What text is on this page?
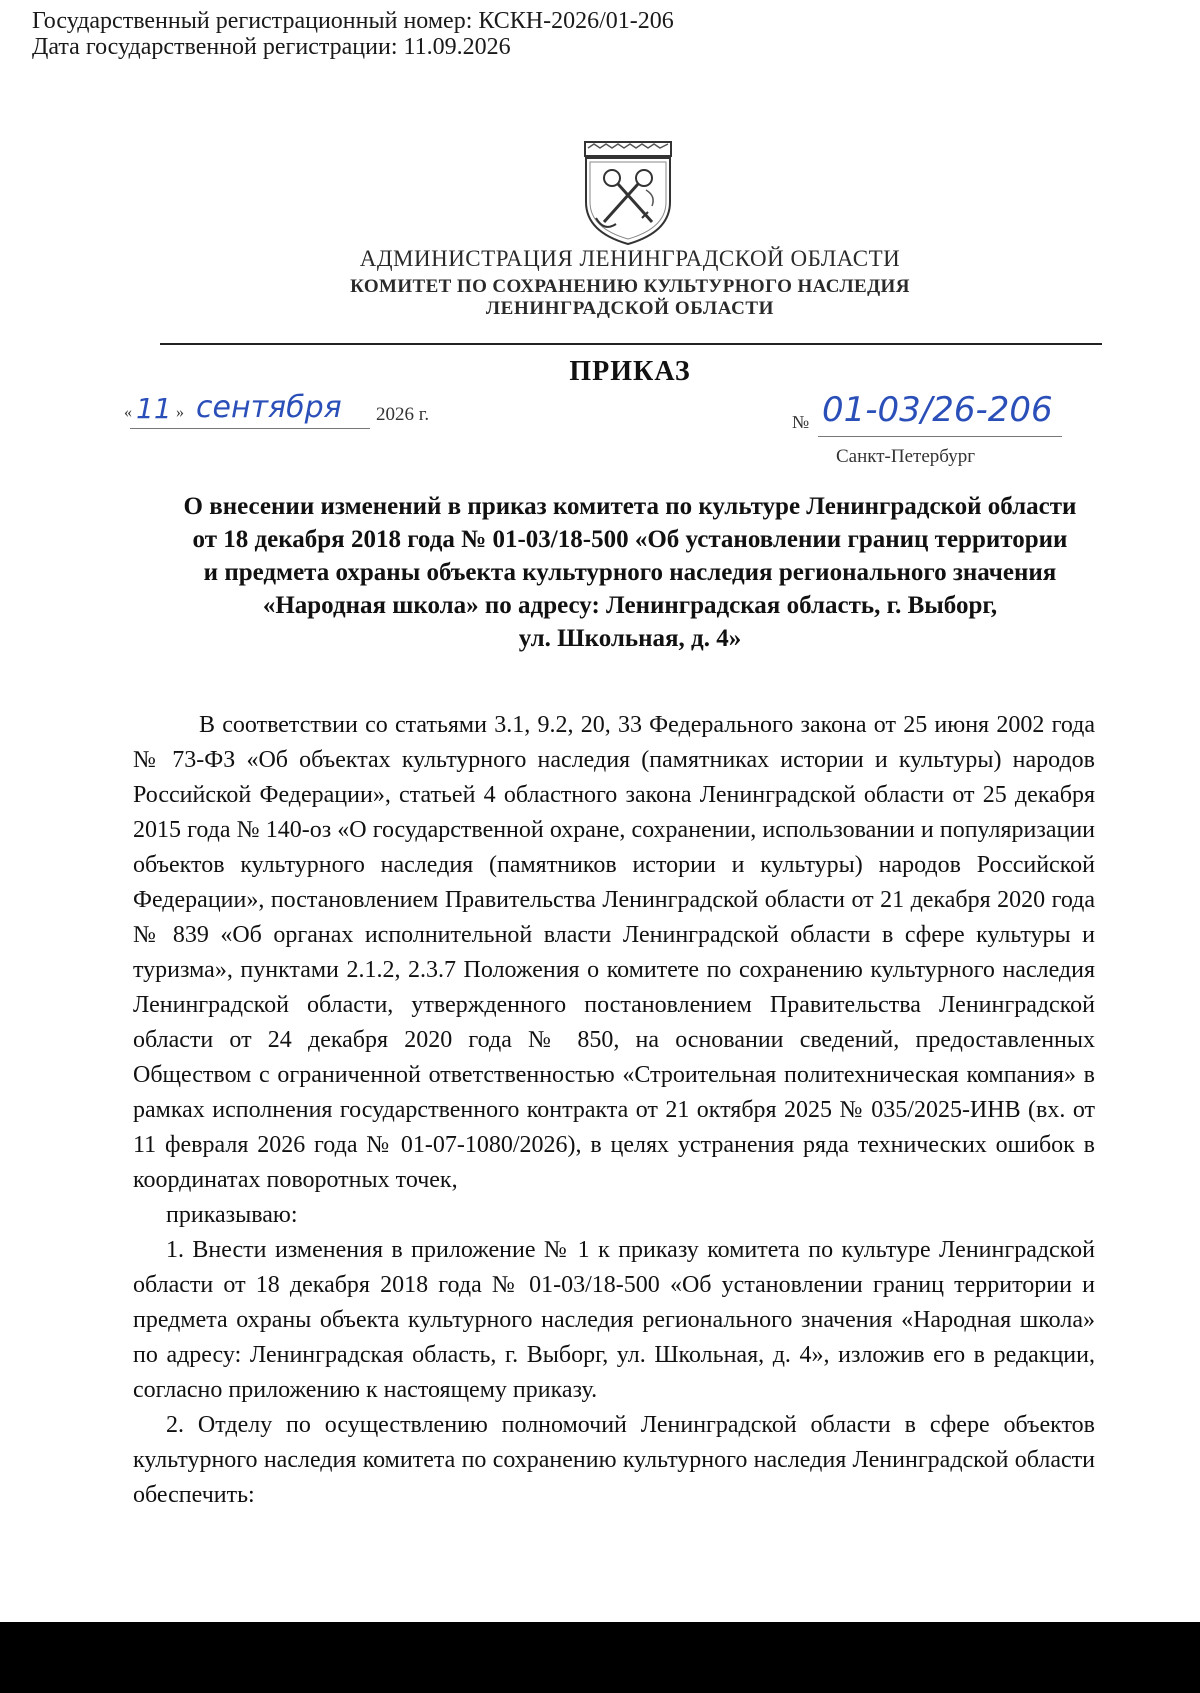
Государственный регистрационный номер: КСКН-2026/01-206
Дата государственной регистрации: 11.09.2026
АДМИНИСТРАЦИЯ ЛЕНИНГРАДСКОЙ ОБЛАСТИ
КОМИТЕТ ПО СОХРАНЕНИЮ КУЛЬТУРНОГО НАСЛЕДИЯ
ЛЕНИНГРАДСКОЙ ОБЛАСТИ
ПРИКАЗ
« 11 » сентября 2026 г.	№ 01-03/26-206
Санкт-Петербург
О внесении изменений в приказ комитета по культуре Ленинградской области
от 18 декабря 2018 года № 01-03/18-500 «Об установлении границ территории
и предмета охраны объекта культурного наследия регионального значения
«Народная школа» по адресу: Ленинградская область, г. Выборг,
ул. Школьная, д. 4»

В соответствии со статьями 3.1, 9.2, 20, 33 Федерального закона от 25 июня 2002 года № 73-ФЗ «Об объектах культурного наследия (памятниках истории и культуры) народов Российской Федерации», статьей 4 областного закона Ленинградской области от 25 декабря 2015 года № 140-оз «О государственной охране, сохранении, использовании и популяризации объектов культурного наследия (памятников истории и культуры) народов Российской Федерации», постановлением Правительства Ленинградской области от 21 декабря 2020 года № 839 «Об органах исполнительной власти Ленинградской области в сфере культуры и туризма», пунктами 2.1.2, 2.3.7 Положения о комитете по сохранению культурного наследия Ленинградской области, утвержденного постановлением Правительства Ленинградской области от 24 декабря 2020 года № 850, на основании сведений, предоставленных Обществом с ограниченной ответственностью «Строительная политехническая компания» в рамках исполнения государственного контракта от 21 октября 2025 № 035/2025-ИНВ (вх. от 11 февраля 2026 года № 01-07-1080/2026), в целях устранения ряда технических ошибок в координатах поворотных точек,

приказываю:

1. Внести изменения в приложение № 1 к приказу комитета по культуре Ленинградской области от 18 декабря 2018 года № 01-03/18-500 «Об установлении границ территории и предмета охраны объекта культурного наследия регионального значения «Народная школа» по адресу: Ленинградская область, г. Выборг, ул. Школьная, д. 4», изложив его в редакции, согласно приложению к настоящему приказу.

2. Отделу по осуществлению полномочий Ленинградской области в сфере объектов культурного наследия комитета по сохранению культурного наследия Ленинградской области обеспечить:
